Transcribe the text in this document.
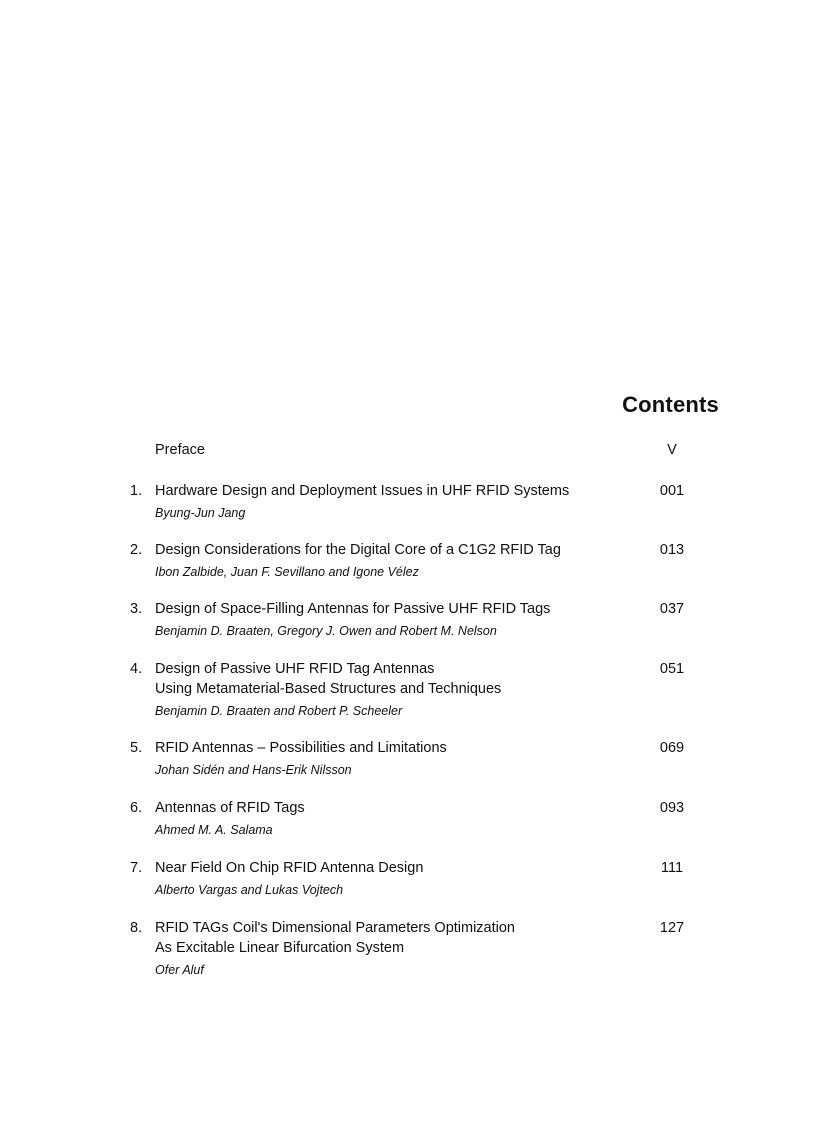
Contents
Preface	V
1. Hardware Design and Deployment Issues in UHF RFID Systems
Byung-Jun Jang
001
2. Design Considerations for the Digital Core of a C1G2 RFID Tag
Ibon Zalbide, Juan F. Sevillano and Igone Vélez
013
3. Design of Space-Filling Antennas for Passive UHF RFID Tags
Benjamin D. Braaten, Gregory J. Owen and Robert M. Nelson
037
4. Design of Passive UHF RFID Tag Antennas
Using Metamaterial-Based Structures and Techniques
Benjamin D. Braaten and Robert P. Scheeler
051
5. RFID Antennas – Possibilities and Limitations
Johan Sidén and Hans-Erik Nilsson
069
6. Antennas of RFID Tags
Ahmed M. A. Salama
093
7. Near Field On Chip RFID Antenna Design
Alberto Vargas and Lukas Vojtech
111
8. RFID TAGs Coil's Dimensional Parameters Optimization
As Excitable Linear Bifurcation System
Ofer Aluf
127
